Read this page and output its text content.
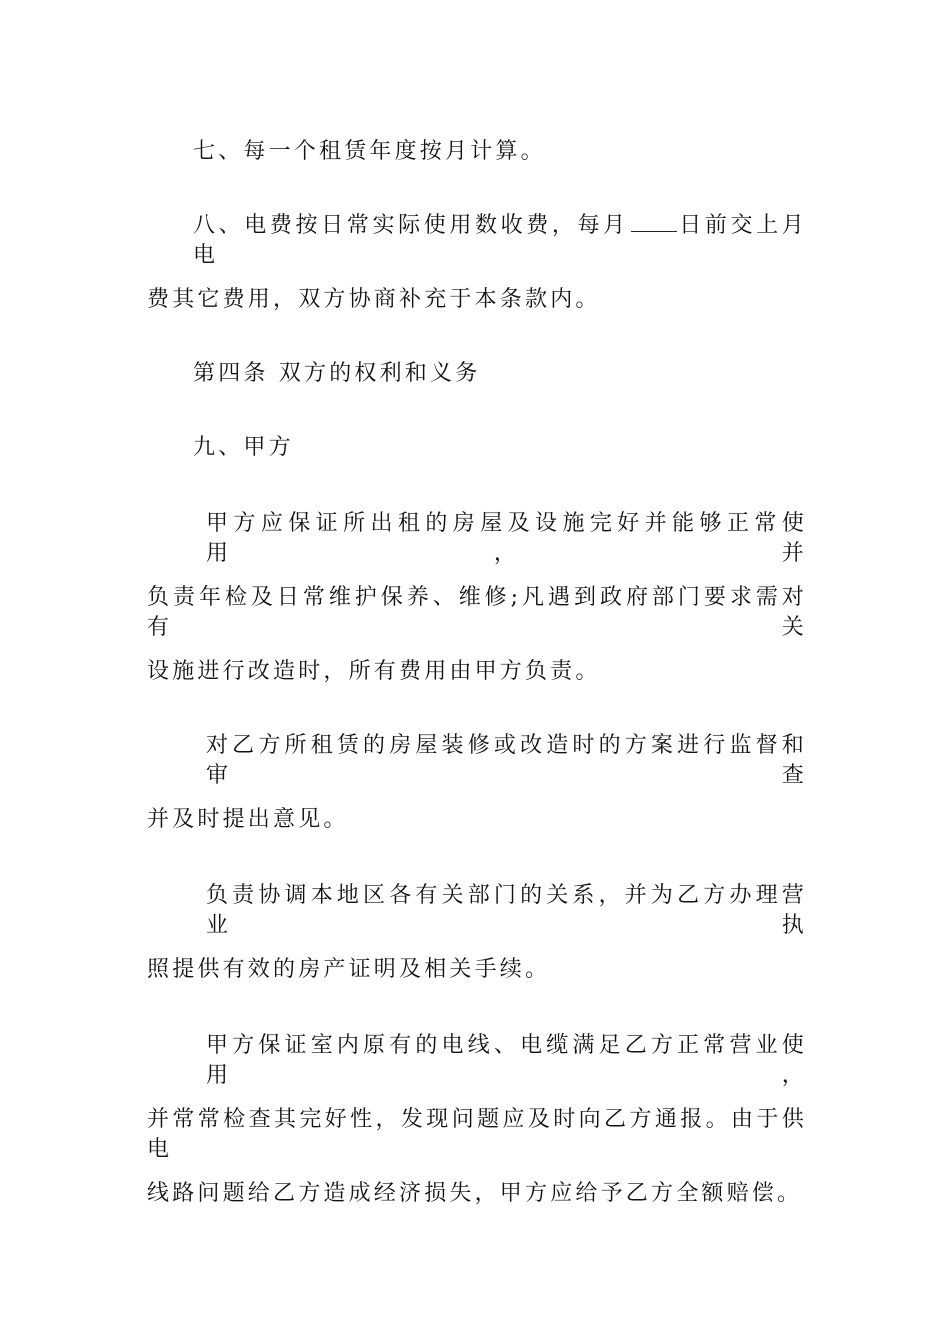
七、每一个租赁年度按月计算。
八、电费按日常实际使用数收费，每月 日前交上月电
费其它费用，双方协商补充于本条款内。
第四条 双方的权利和义务
九、甲方
甲方应保证所出租的房屋及设施完好并能够正常使用，并
负责年检及日常维护保养、维修;凡遇到政府部门要求需对有关
设施进行改造时，所有费用由甲方负责。
对乙方所租赁的房屋装修或改造时的方案进行监督和审查
并及时提出意见。
负责协调本地区各有关部门的关系，并为乙方办理营业执
照提供有效的房产证明及相关手续。
甲方保证室内原有的电线、电缆满足乙方正常营业使用，
并常常检查其完好性，发现问题应及时向乙方通报。由于供电
线路问题给乙方造成经济损失，甲方应给予乙方全额赔偿。
